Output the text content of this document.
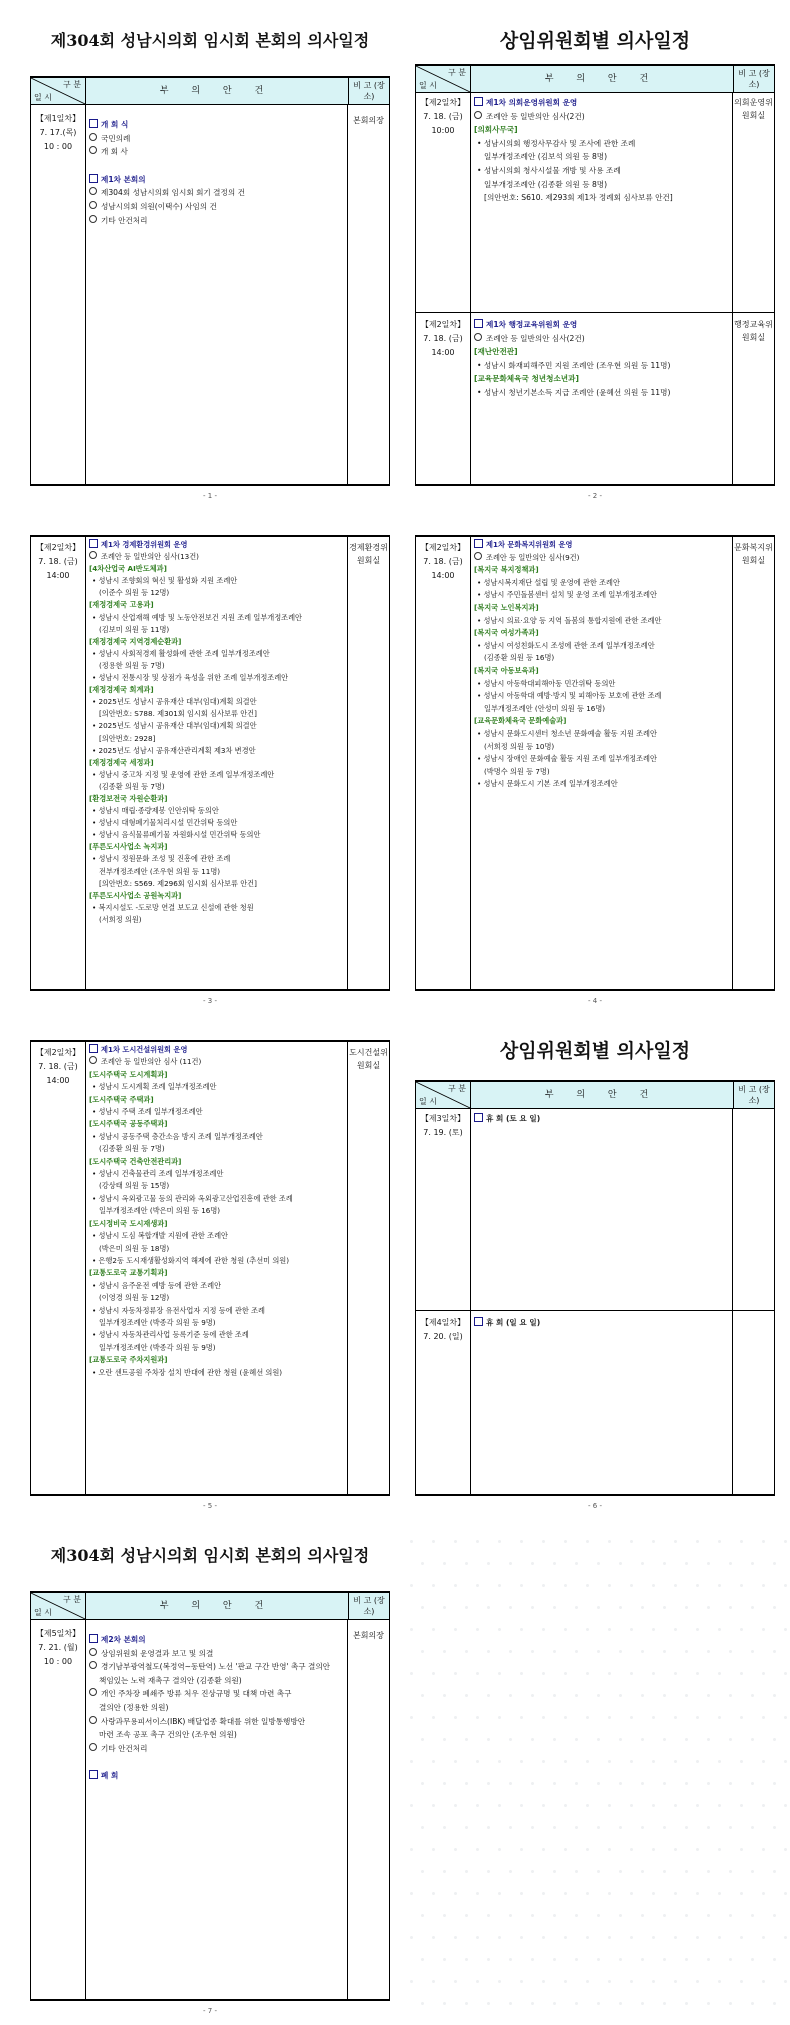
제304회 성남시의회 임시회 본회의 의사일정
구 분
일 시
부 의 안 건
비 고 (장 소)
【제1일차】
7. 17.(목)
10 : 00
본회의장
개 회 식
국민의례
개 회 사
제1차 본회의
제304회 성남시의회 임시회 회기 결정의 건
성남시의회 의원(이택수) 사임의 건
기타 안건처리
- 1 -
상임위원회별 의사일정
구 분
일 시
부 의 안 건
비 고 (장 소)
【제2일차】
7. 18. (금)
10:00
의회운영위원회실
제1차 의회운영위원회 운영
조례안 등 일반의안 심사(2건)
[의회사무국]
• 성남시의회 행정사무감사 및 조사에 관한 조례
일부개정조례안 (김보석 의원 등 8명)
• 성남시의회 청사시설물 개방 및 사용 조례
일부개정조례안 (김종환 의원 등 8명)
[의안번호: S610. 제293회 제1차 정례회 심사보류 안건]
【제2일차】
7. 18. (금)
14:00
행정교육위원회실
제1차 행정교육위원회 운영
조례안 등 일반의안 심사(2건)
[재난안전관]
• 성남시 화재피해주민 지원 조례안 (조우현 의원 등 11명)
[교육문화체육국 청년청소년과]
• 성남시 청년기본소득 지급 조례안 (윤혜선 의원 등 11명)
- 2 -
【제2일차】
7. 18. (금)
14:00
경제환경위원회실
제1차 경제환경위원회 운영
조례안 등 일반의안 심사(13건)
[4차산업국 AI반도체과]
• 성남시 조향회의 혁신 및 활성화 지원 조례안
(이준수 의원 등 12명)
[재정경제국 고용과]
• 성남시 산업재해 예방 및 노동안전보건 지원 조례 일부개정조례안
(김보미 의원 등 11명)
[재정경제국 지역경제순환과]
• 성남시 사회적경제 활성화에 관한 조례 일부개정조례안
(정용한 의원 등 7명)
• 성남시 전통시장 및 상점가 육성을 위한 조례 일부개정조례안
[재정경제국 회계과]
• 2025년도 성남시 공유재산 대부(임대)계획 의결안
[의안번호: S788. 제301회 임시회 심사보류 안건]
• 2025년도 성남시 공유재산 대부(임대)계획 의결안
[의안번호: 2928]
• 2025년도 성남시 공유재산관리계획 제3차 변경안
[재정경제국 세정과]
• 성남시 중고차 지정 및 운영에 관한 조례 일부개정조례안
(김종환 의원 등 7명)
[환경보전국 자원순환과]
• 성남시 매립·종량제봉 인안위탁 동의안
• 성남시 대형폐기물처리시설 민간위탁 동의안
• 성남시 음식물류폐기물 자원화시설 민간위탁 동의안
[푸른도시사업소 녹지과]
• 성남시 정원문화 조성 및 진흥에 관한 조례
전부개정조례안 (조우현 의원 등 11명)
[의안번호: S569. 제296회 임시회 심사보류 안건]
[푸른도시사업소 공원녹지과]
• 복지시설도 -도로망 연결 보도교 신설에 관한 청원
(서희정 의원)
- 3 -
【제2일차】
7. 18. (금)
14:00
문화복지위원회실
제1차 문화복지위원회 운영
조례안 등 일반의안 심사(9건)
[복지국 복지정책과]
• 성남시복지재단 설립 및 운영에 관한 조례안
• 성남시 주민돌봄센터 설치 및 운영 조례 일부개정조례안
[복지국 노인복지과]
• 성남시 의료·요양 등 지역 돌봄의 통합지원에 관한 조례안
[복지국 여성가족과]
• 성남시 여성친화도시 조성에 관한 조례 일부개정조례안
(김종환 의원 등 16명)
[복지국 아동보육과]
• 성남시 아동학대피해아동 민간위탁 동의안
• 성남시 아동학대 예방·방지 및 피해아동 보호에 관한 조례
일부개정조례안 (안성미 의원 등 16명)
[교육문화체육국 문화예술과]
• 성남시 문화도시센터 청소년 문화예술 활동 지원 조례안
(서희정 의원 등 10명)
• 성남시 장애인 문화예술 활동 지원 조례 일부개정조례안
(박명수 의원 등 7명)
• 성남시 문화도시 기본 조례 일부개정조례안
- 4 -
【제2일차】
7. 18. (금)
14:00
도시건설위원회실
제1차 도시건설위원회 운영
조례안 등 일반의안 심사 (11건)
[도시주택국 도시계획과]
• 성남시 도시계획 조례 일부개정조례안
[도시주택국 주택과]
• 성남시 주택 조례 일부개정조례안
[도시주택국 공동주택과]
• 성남시 공동주택 층간소음 방지 조례 일부개정조례안
(김종환 의원 등 7명)
[도시주택국 건축안전관리과]
• 성남시 건축물관리 조례 일부개정조례안
(강상태 의원 등 15명)
• 성남시 옥외광고물 등의 관리와 옥외광고산업진흥에 관한 조례
일부개정조례안 (박은미 의원 등 16명)
[도시정비국 도시재생과]
• 성남시 도심 복합개발 지원에 관한 조례안
(박은미 의원 등 18명)
• 은행2동 도시재생활성화지역 해제에 관한 청원 (추선미 의원)
[교통도로국 교통기획과]
• 성남시 음주운전 예방 등에 관한 조례안
(이영경 의원 등 12명)
• 성남시 자동차정류장 유전사업자 지정 등에 관한 조례
일부개정조례안 (박종각 의원 등 9명)
• 성남시 자동차관리사업 등록기준 등에 관한 조례
일부개정조례안 (박종각 의원 등 9명)
[교통도로국 주차지원과]
• 오란 센트공원 주차장 설치 반대에 관한 청원 (윤혜선 의원)
- 5 -
상임위원회별 의사일정
구 분
일 시
부 의 안 건
비 고 (장 소)
【제3일차】
7. 19. (토)
휴 회 (토 요 일)
【제4일차】
7. 20. (일)
휴 회 (일 요 일)
- 6 -
제304회 성남시의회 임시회 본회의 의사일정
구 분
일 시
부 의 안 건
비 고 (장 소)
【제5일차】
7. 21. (월)
10 : 00
본회의장
제2차 본회의
상임위원회 운영결과 보고 및 의결
경기남부광역철도(복정역~동탄역) 노선 '판교 구간 반영' 촉구 결의안
책임있는 노력 재촉구 결의안 (김종환 의원)
개인 주차장 폐쇄주 방류 처우 진상규명 및 대책 마련 촉구
결의안 (정용한 의원)
사랑과무용피서이스(IBK) 배달업종 확대를 위한 일방통행방안
마련 조속 공포 촉구 건의안 (조우현 의원)
기타 안건처리
폐 회
- 7 -
